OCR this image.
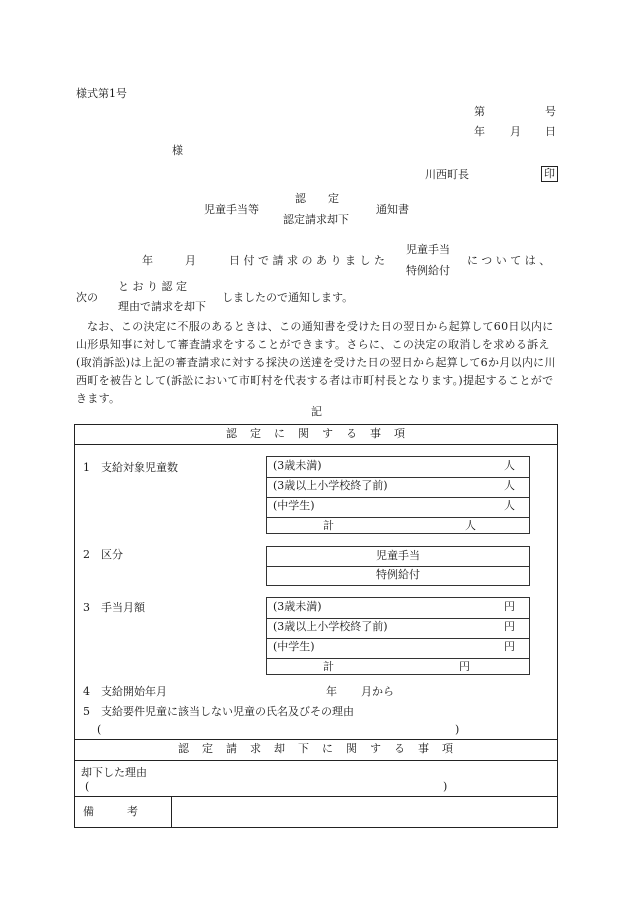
様式第1号
第	号
年 月 日
様
川西町長	印
児童手当等
認　　定
認定請求却下
通知書
年	月	日付で請求のありました
児童手当
特例給付
については、
次の
と お り 認 定
理由で請求を却下
しましたので通知します。
なお、この決定に不服のあるときは、この通知書を受けた日の翌日から起算して60日以内に山形県知事に対して審査請求をすることができます。さらに、この決定の取消しを求める訴え(取消訴訟)は上記の審査請求に対する採決の送達を受けた日の翌日から起算して6か月以内に川西町を被告として(訴訟において市町村を代表する者は市町村長となります。)提起することができます。
記
認　定　に　関　す　る　事　項
1　支給対象児童数	(3歳未満)	人
(3歳以上小学校終了前)	人
(中学生)	人
計	人
2　区分	児童手当
特例給付
3　手当月額	(3歳未満)	円
(3歳以上小学校終了前)	円
(中学生)	円
計	円
4　支給開始年月	年 月から
5　支給要件児童に該当しない児童の氏名及びその理由
(	)
認　定　請　求　却　下　に　関　す　る　事　項
却下した理由
(	)
備　　　考
